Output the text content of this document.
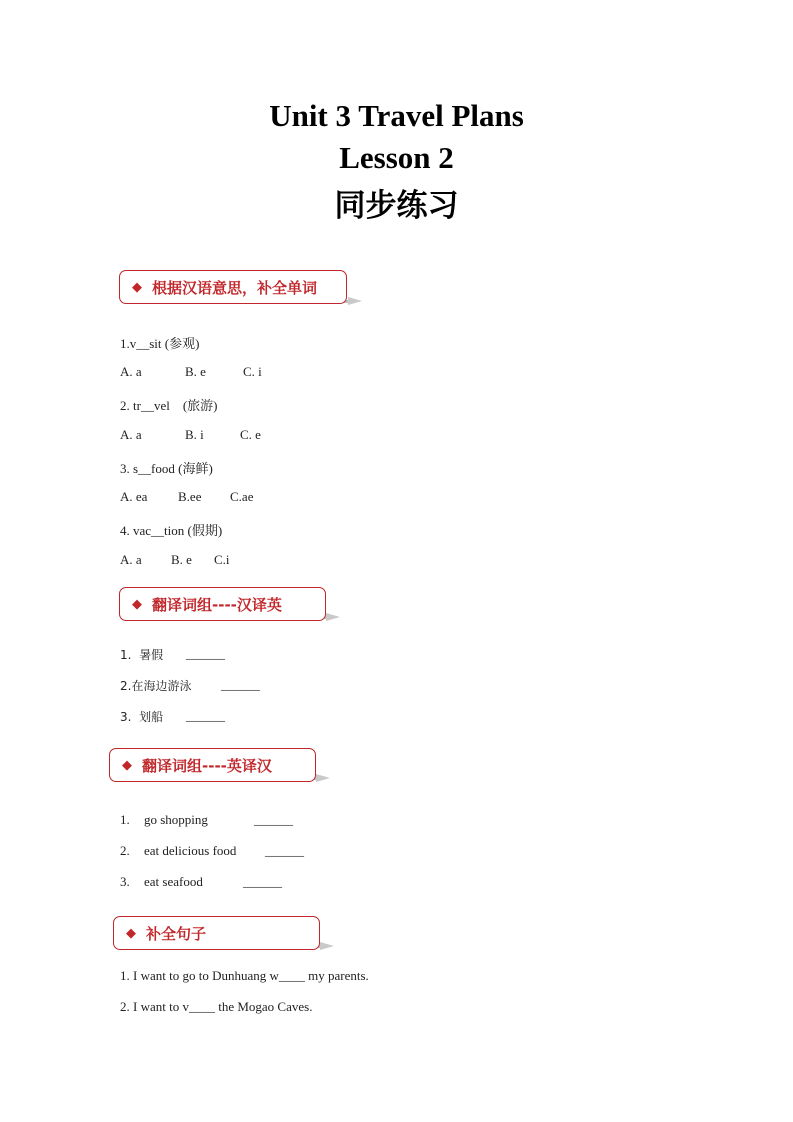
Unit 3 Travel Plans
Lesson 2
同步练习
◆ 根据汉语意思，补全单词
1.v__sit (参观)
A. a	B. e	C. i
2. tr__vel    (旅游)
A. a	B. i	C. e
3. s__food (海鲜)
A. ea B.ee C.ae
4. vac__tion (假期)
A. a B. e C.i
◆ 翻译词组----汉译英
1.  暑假 ______
2.在海边游泳 ______
3.  划船 ______
◆ 翻译词组----英译汉
1. go shopping	______
2. eat delicious food ______
3. eat seafood	______
◆ 补全句子
1. I want to go to Dunhuang w____ my parents.
2. I want to v____ the Mogao Caves.
